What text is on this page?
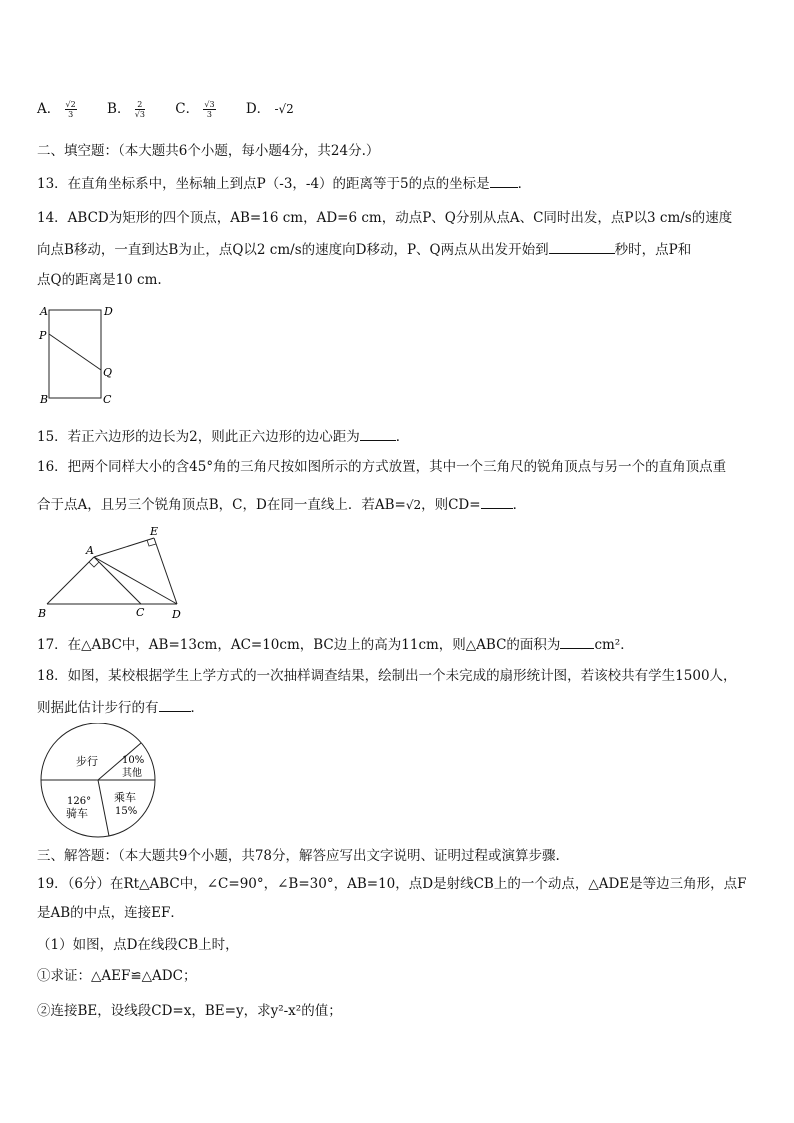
A． $\frac{√2}{3}$ B． $\frac{2}{√3}$ C． $\frac{√3}{3}$ D． -√2
二、填空题：（本大题共6个小题，每小题4分，共24分.）
13．在直角坐标系中，坐标轴上到点P（-3，-4）的距离等于5的点的坐标是 ．
14．ABCD为矩形的四个顶点，AB=16 cm，AD=6 cm，动点P、Q分别从点A、C同时出发，点P以3 cm/s的速度
向点B移动，一直到达B为止，点Q以2 cm/s的速度向D移动，P、Q两点从出发开始到	秒时，点P和
点Q的距离是10 cm.
A	D
P
Q
B	C
15．若正六边形的边长为2，则此正六边形的边心距为	．
16．把两个同样大小的含45°角的三角尺按如图所示的方式放置，其中一个三角尺的锐角顶点与另一个的直角顶点重
合于点A，且另三个锐角顶点B，C，D在同一直线上．若AB=√2，则CD= ．
A
E
B	C	D
17．在△ABC中，AB=13cm，AC=10cm，BC边上的高为11cm，则△ABC的面积为	cm²．
18．如图，某校根据学生上学方式的一次抽样调查结果，绘制出一个未完成的扇形统计图，若该校共有学生1500人，
则据此估计步行的有 ．
步行 10%
其他
126°
骑车
乘车
15%
三、解答题：（本大题共9个小题，共78分，解答应写出文字说明、证明过程或演算步骤.
19．（6分）在Rt△ABC中，∠C=90°，∠B=30°，AB=10，点D是射线CB上的一个动点，△ADE是等边三角形，点F
是AB的中点，连接EF．
（1）如图，点D在线段CB上时，
①求证：△AEF≌△ADC；
②连接BE，设线段CD=x，BE=y，求y²-x²的值；
